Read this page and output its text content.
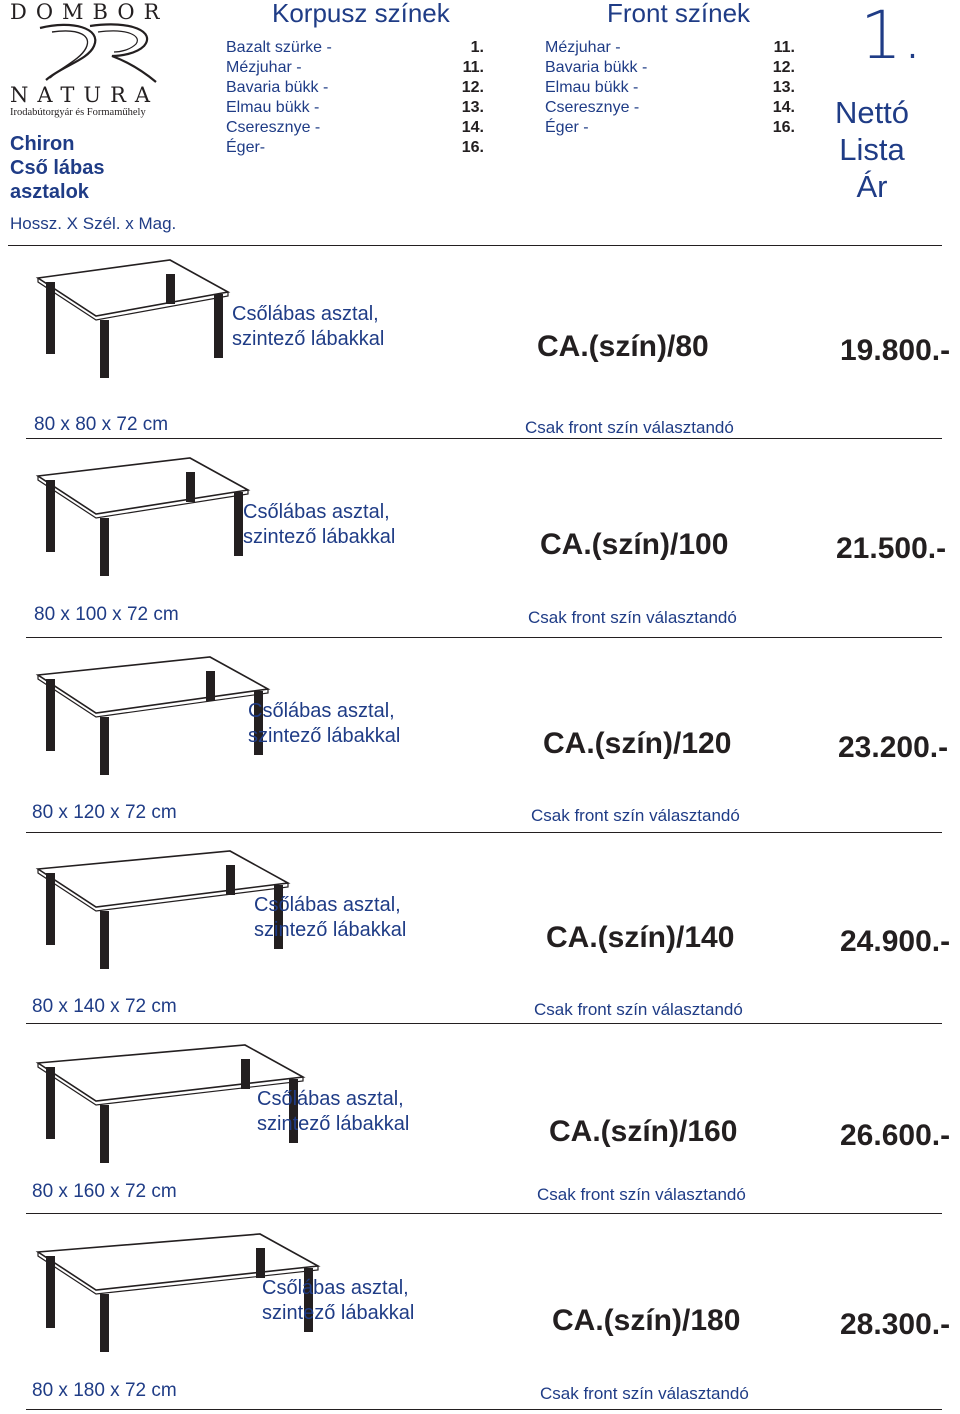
DOMBOR
NATURA
Irodabútorgyár és Formaműhely
Chiron
Cső lábas
asztalok
Hossz. X Szél. x Mag.
Korpusz színek
Bazalt szürke -	1.
Mézjuhar -	11.
Bavaria bükk -	12.
Elmau bükk -	13.
Cseresznye -	14.
Éger-	16.
Front színek
Mézjuhar -	11.
Bavaria bükk -	12.
Elmau bükk -	13.
Cseresznye -	14.
Éger -	16.
1.
Nettó
Lista
Ár
Csőlábas asztal,
szintező lábakkal	CA.(szín)/80	19.800.-
80 x 80 x 72 cm	Csak front szín választandó
Csőlábas asztal,
szintező lábakkal	CA.(szín)/100	21.500.-
80 x 100 x 72 cm	Csak front szín választandó
Csőlábas asztal,
szintező lábakkal	CA.(szín)/120	23.200.-
80 x 120 x 72 cm	Csak front szín választandó
Csőlábas asztal,
szintező lábakkal	CA.(szín)/140	24.900.-
80 x 140 x 72 cm	Csak front szín választandó
Csőlábas asztal,
szintező lábakkal	CA.(szín)/160	26.600.-
80 x 160 x 72 cm	Csak front szín választandó
Csőlábas asztal,
szintező lábakkal	CA.(szín)/180	28.300.-
80 x 180 x 72 cm	Csak front szín választandó
